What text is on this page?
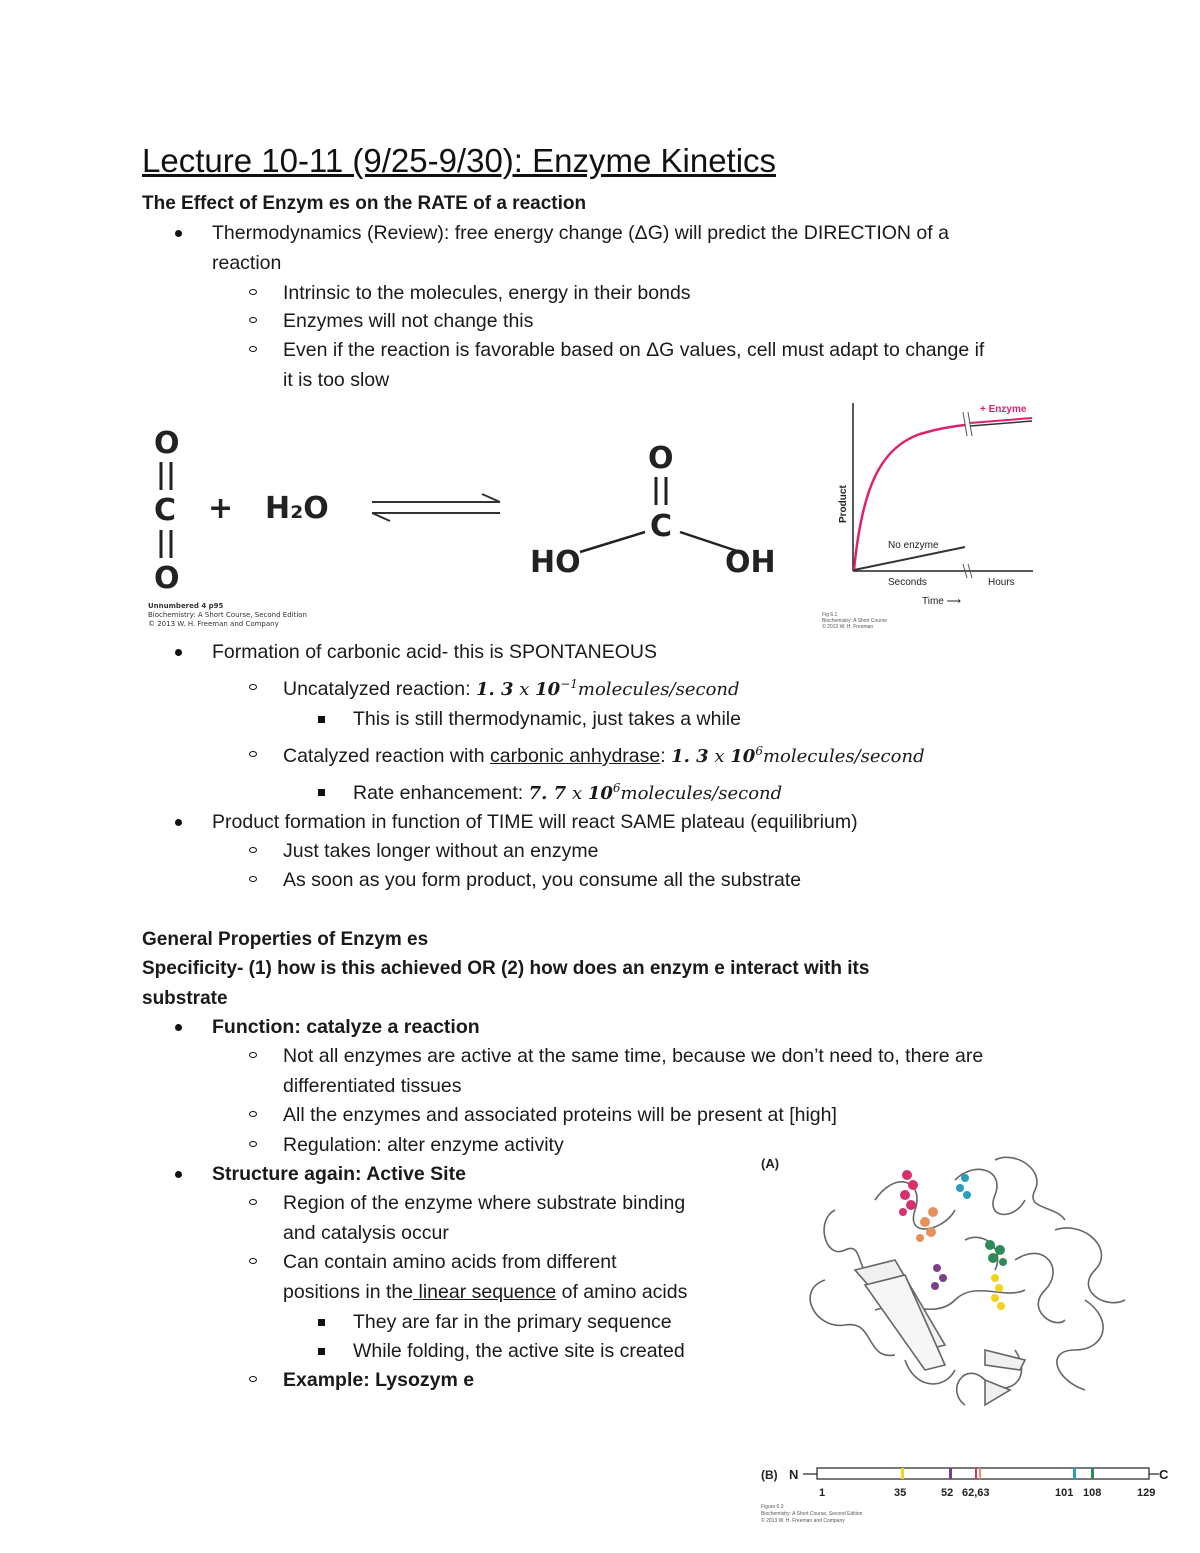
Lecture 10-11 (9/25-9/30): Enzyme Kinetics
The Effect of Enzym es on the RATE of a reaction
Thermodynamics (Review): free energy change (ΔG) will predict the DIRECTION of a
reaction
Intrinsic to the molecules, energy in their bonds
Enzymes will not change this
Even if the reaction is favorable based on ΔG values, cell must adapt to change if
it is too slow
O
C
O
+ H₂O
O
C
HO	OH
Unnumbered 4 p95
Biochemistry: A Short Course, Second Edition
© 2013 W. H. Freeman and Company
+ Enzyme
No enzyme
Product
Seconds	Hours
Time ⟶
Fig 6.1
Biochemistry: A Short Course
© 2013 W. H. Freeman
Formation of carbonic acid- this is SPONTANEOUS
Uncatalyzed reaction: 1. 3 x $10^{-1}molecules$/second
This is still thermodynamic, just takes a while
Catalyzed reaction with carbonic anhydrase: 1. 3 x $10^6molecules$/second
Rate enhancement: 7. 7 x $10^6molecules$/second
Product formation in function of TIME will react SAME plateau (equilibrium)
Just takes longer without an enzyme
As soon as you form product, you consume all the substrate
General Properties of Enzym es
Specificity- (1) how is this achieved OR (2) how does an enzym e interact with its
substrate
Function: catalyze a reaction
Not all enzymes are active at the same time, because we don’t need to, there are
differentiated tissues
All the enzymes and associated proteins will be present at [high]
Regulation: alter enzyme activity
Structure again: Active Site
Region of the enzyme where substrate binding
and catalysis occur
Can contain amino acids from different
positions in the linear sequence of amino acids
They are far in the primary sequence
While folding, the active site is created
Example: Lysozym e
(A)
(B) N	C
1	35	52 62,63	101 108	129
Figure 6.3
Biochemistry: A Short Course, Second Edition
© 2013 W. H. Freeman and Company
